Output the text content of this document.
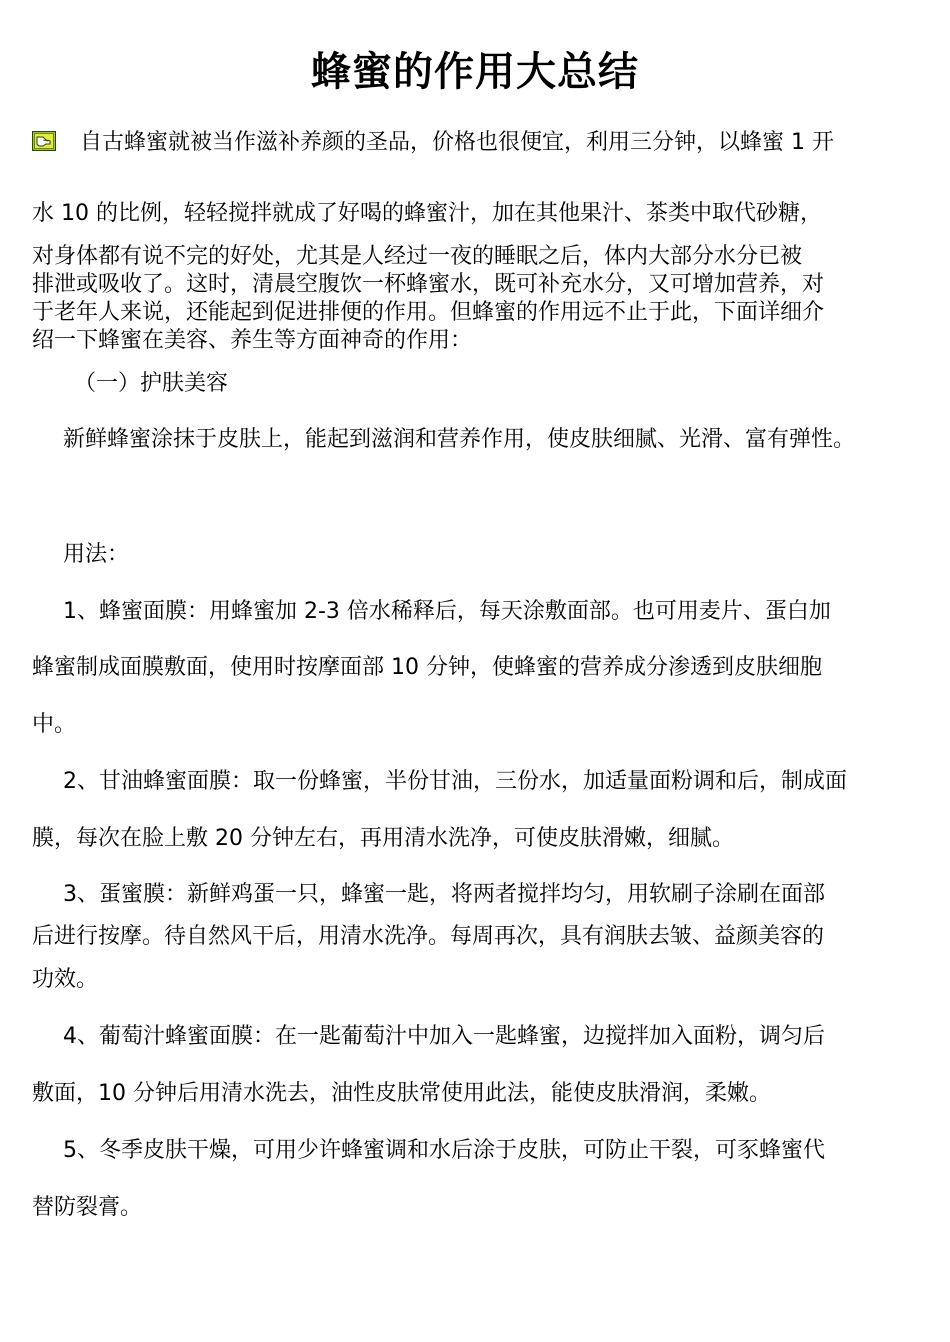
蜂蜜的作用大总结
自古蜂蜜就被当作滋补养颜的圣品，价格也很便宜，利用三分钟，以蜂蜜 1 开
水 10 的比例，轻轻搅拌就成了好喝的蜂蜜汁，加在其他果汁、茶类中取代砂糖，
对身体都有说不完的好处，尤其是人经过一夜的睡眠之后，体内大部分水分已被
排泄或吸收了。这时，清晨空腹饮一杯蜂蜜水，既可补充水分，又可增加营养，对
于老年人来说，还能起到促进排便的作用。但蜂蜜的作用远不止于此，下面详细介
绍一下蜂蜜在美容、养生等方面神奇的作用：
（一）护肤美容
新鲜蜂蜜涂抹于皮肤上，能起到滋润和营养作用，使皮肤细腻、光滑、富有弹性。
用法：
1、蜂蜜面膜：用蜂蜜加 2-3 倍水稀释后，每天涂敷面部。也可用麦片、蛋白加
蜂蜜制成面膜敷面，使用时按摩面部 10 分钟，使蜂蜜的营养成分渗透到皮肤细胞
中。
2、甘油蜂蜜面膜：取一份蜂蜜，半份甘油，三份水，加适量面粉调和后，制成面
膜，每次在脸上敷 20 分钟左右，再用清水洗净，可使皮肤滑嫩，细腻。
3、蛋蜜膜：新鲜鸡蛋一只，蜂蜜一匙，将两者搅拌均匀，用软刷子涂刷在面部
后进行按摩。待自然风干后，用清水洗净。每周再次，具有润肤去皱、益颜美容的
功效。
4、葡萄汁蜂蜜面膜：在一匙葡萄汁中加入一匙蜂蜜，边搅拌加入面粉，调匀后
敷面，10 分钟后用清水洗去，油性皮肤常使用此法，能使皮肤滑润，柔嫩。
5、冬季皮肤干燥，可用少许蜂蜜调和水后涂于皮肤，可防止干裂，可豕蜂蜜代
替防裂膏。
